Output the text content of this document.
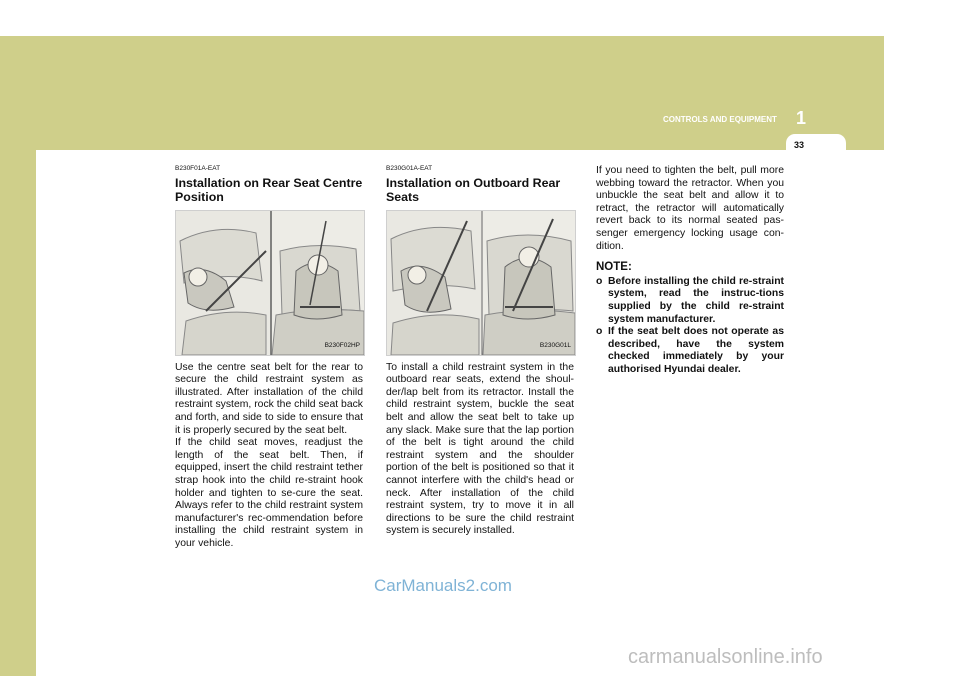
CONTROLS AND EQUIPMENT 1
33

B230F01A-EAT

Installation on Rear Seat Centre Position

B230F02HP

Use the centre seat belt for the rear to secure the child restraint system as illustrated. After installation of the child restraint system, rock the child seat back and forth, and side to side to ensure that it is properly secured by the seat belt.

If the child seat moves, readjust the length of the seat belt. Then, if equipped, insert the child restraint tether strap hook into the child re-straint hook holder and tighten to se-cure the seat. Always refer to the child restraint system manufacturer's rec-ommendation before installing the child restraint system in your vehicle.

B230G01A-EAT

Installation on Outboard Rear Seats

B230G01L

To install a child restraint system in the outboard rear seats, extend the shoul-der/lap belt from its retractor. Install the child restraint system, buckle the seat belt and allow the seat belt to take up any slack. Make sure that the lap portion of the belt is tight around the child restraint system and the shoulder portion of the belt is positioned so that it cannot interfere with the child's head or neck. After installation of the child restraint system, try to move it in all directions to be sure the child restraint system is securely installed.

If you need to tighten the belt, pull more webbing toward the retractor. When you unbuckle the seat belt and allow it to retract, the retractor will automatically revert back to its normal seated pas-senger emergency locking usage con-dition.

NOTE:

o Before installing the child re-straint system, read the instruc-tions supplied by the child re-straint system manufacturer.
o If the seat belt does not operate as described, have the system checked immediately by your authorised Hyundai dealer.
CarManuals2.com
carmanualsonline.info
